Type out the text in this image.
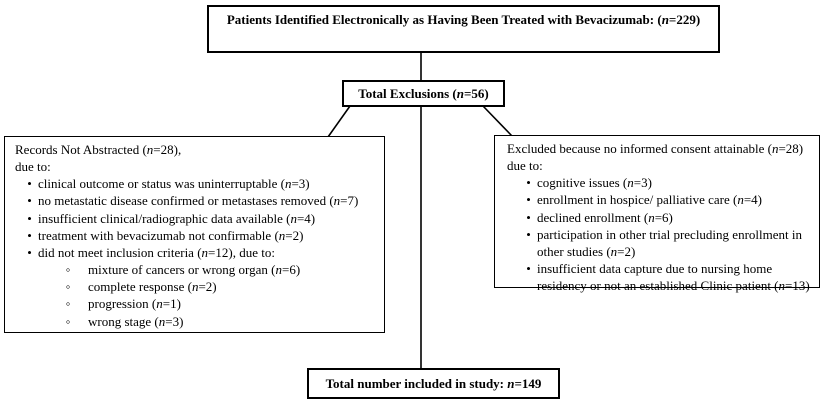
Patients Identified Electronically as Having Been Treated with Bevacizumab: (n=229)
Total Exclusions (n=56)
Records Not Abstracted (n=28),
due to:
• clinical outcome or status was uninterruptable (n=3)
• no metastatic disease confirmed or metastases removed (n=7)
• insufficient clinical/radiographic data available (n=4)
• treatment with bevacizumab not confirmable (n=2)
• did not meet inclusion criteria (n=12), due to:
◦	mixture of cancers or wrong organ (n=6)
◦	complete response (n=2)
◦	progression (n=1)
◦	wrong stage (n=3)
Excluded because no informed consent attainable (n=28)
due to:
• cognitive issues (n=3)
• enrollment in hospice/ palliative care (n=4)
• declined enrollment (n=6)
• participation in other trial precluding enrollment in other studies (n=2)
• insufficient data capture due to nursing home residency or not an established Clinic patient (n=13)
Total number included in study: n=149
